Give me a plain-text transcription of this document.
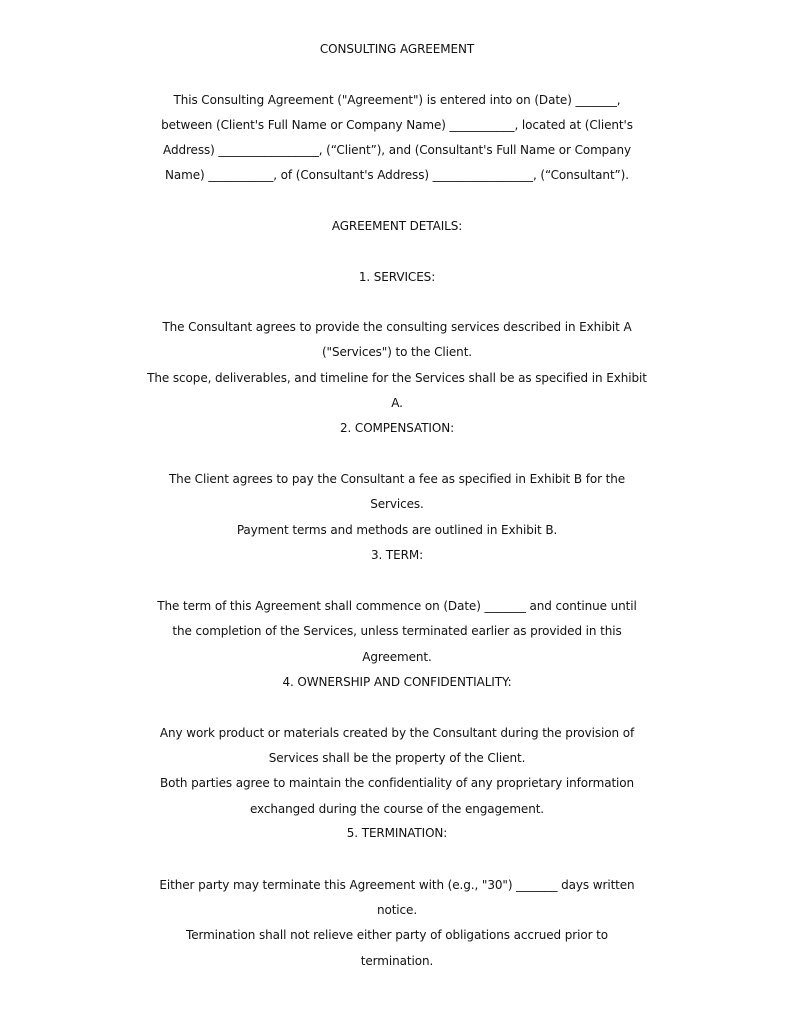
CONSULTING AGREEMENT
This Consulting Agreement ("Agreement") is entered into on (Date) _______,
between (Client's Full Name or Company Name) ___________, located at (Client's
Address) _________________, (“Client”), and (Consultant's Full Name or Company
Name) ___________, of (Consultant's Address) _________________, (“Consultant”).
AGREEMENT DETAILS:
1. SERVICES:
The Consultant agrees to provide the consulting services described in Exhibit A
("Services") to the Client.
The scope, deliverables, and timeline for the Services shall be as specified in Exhibit
A.
2. COMPENSATION:
The Client agrees to pay the Consultant a fee as specified in Exhibit B for the
Services.
Payment terms and methods are outlined in Exhibit B.
3. TERM:
The term of this Agreement shall commence on (Date) _______ and continue until
the completion of the Services, unless terminated earlier as provided in this
Agreement.
4. OWNERSHIP AND CONFIDENTIALITY:
Any work product or materials created by the Consultant during the provision of
Services shall be the property of the Client.
Both parties agree to maintain the confidentiality of any proprietary information
exchanged during the course of the engagement.
5. TERMINATION:
Either party may terminate this Agreement with (e.g., "30") _______ days written
notice.
Termination shall not relieve either party of obligations accrued prior to
termination.
